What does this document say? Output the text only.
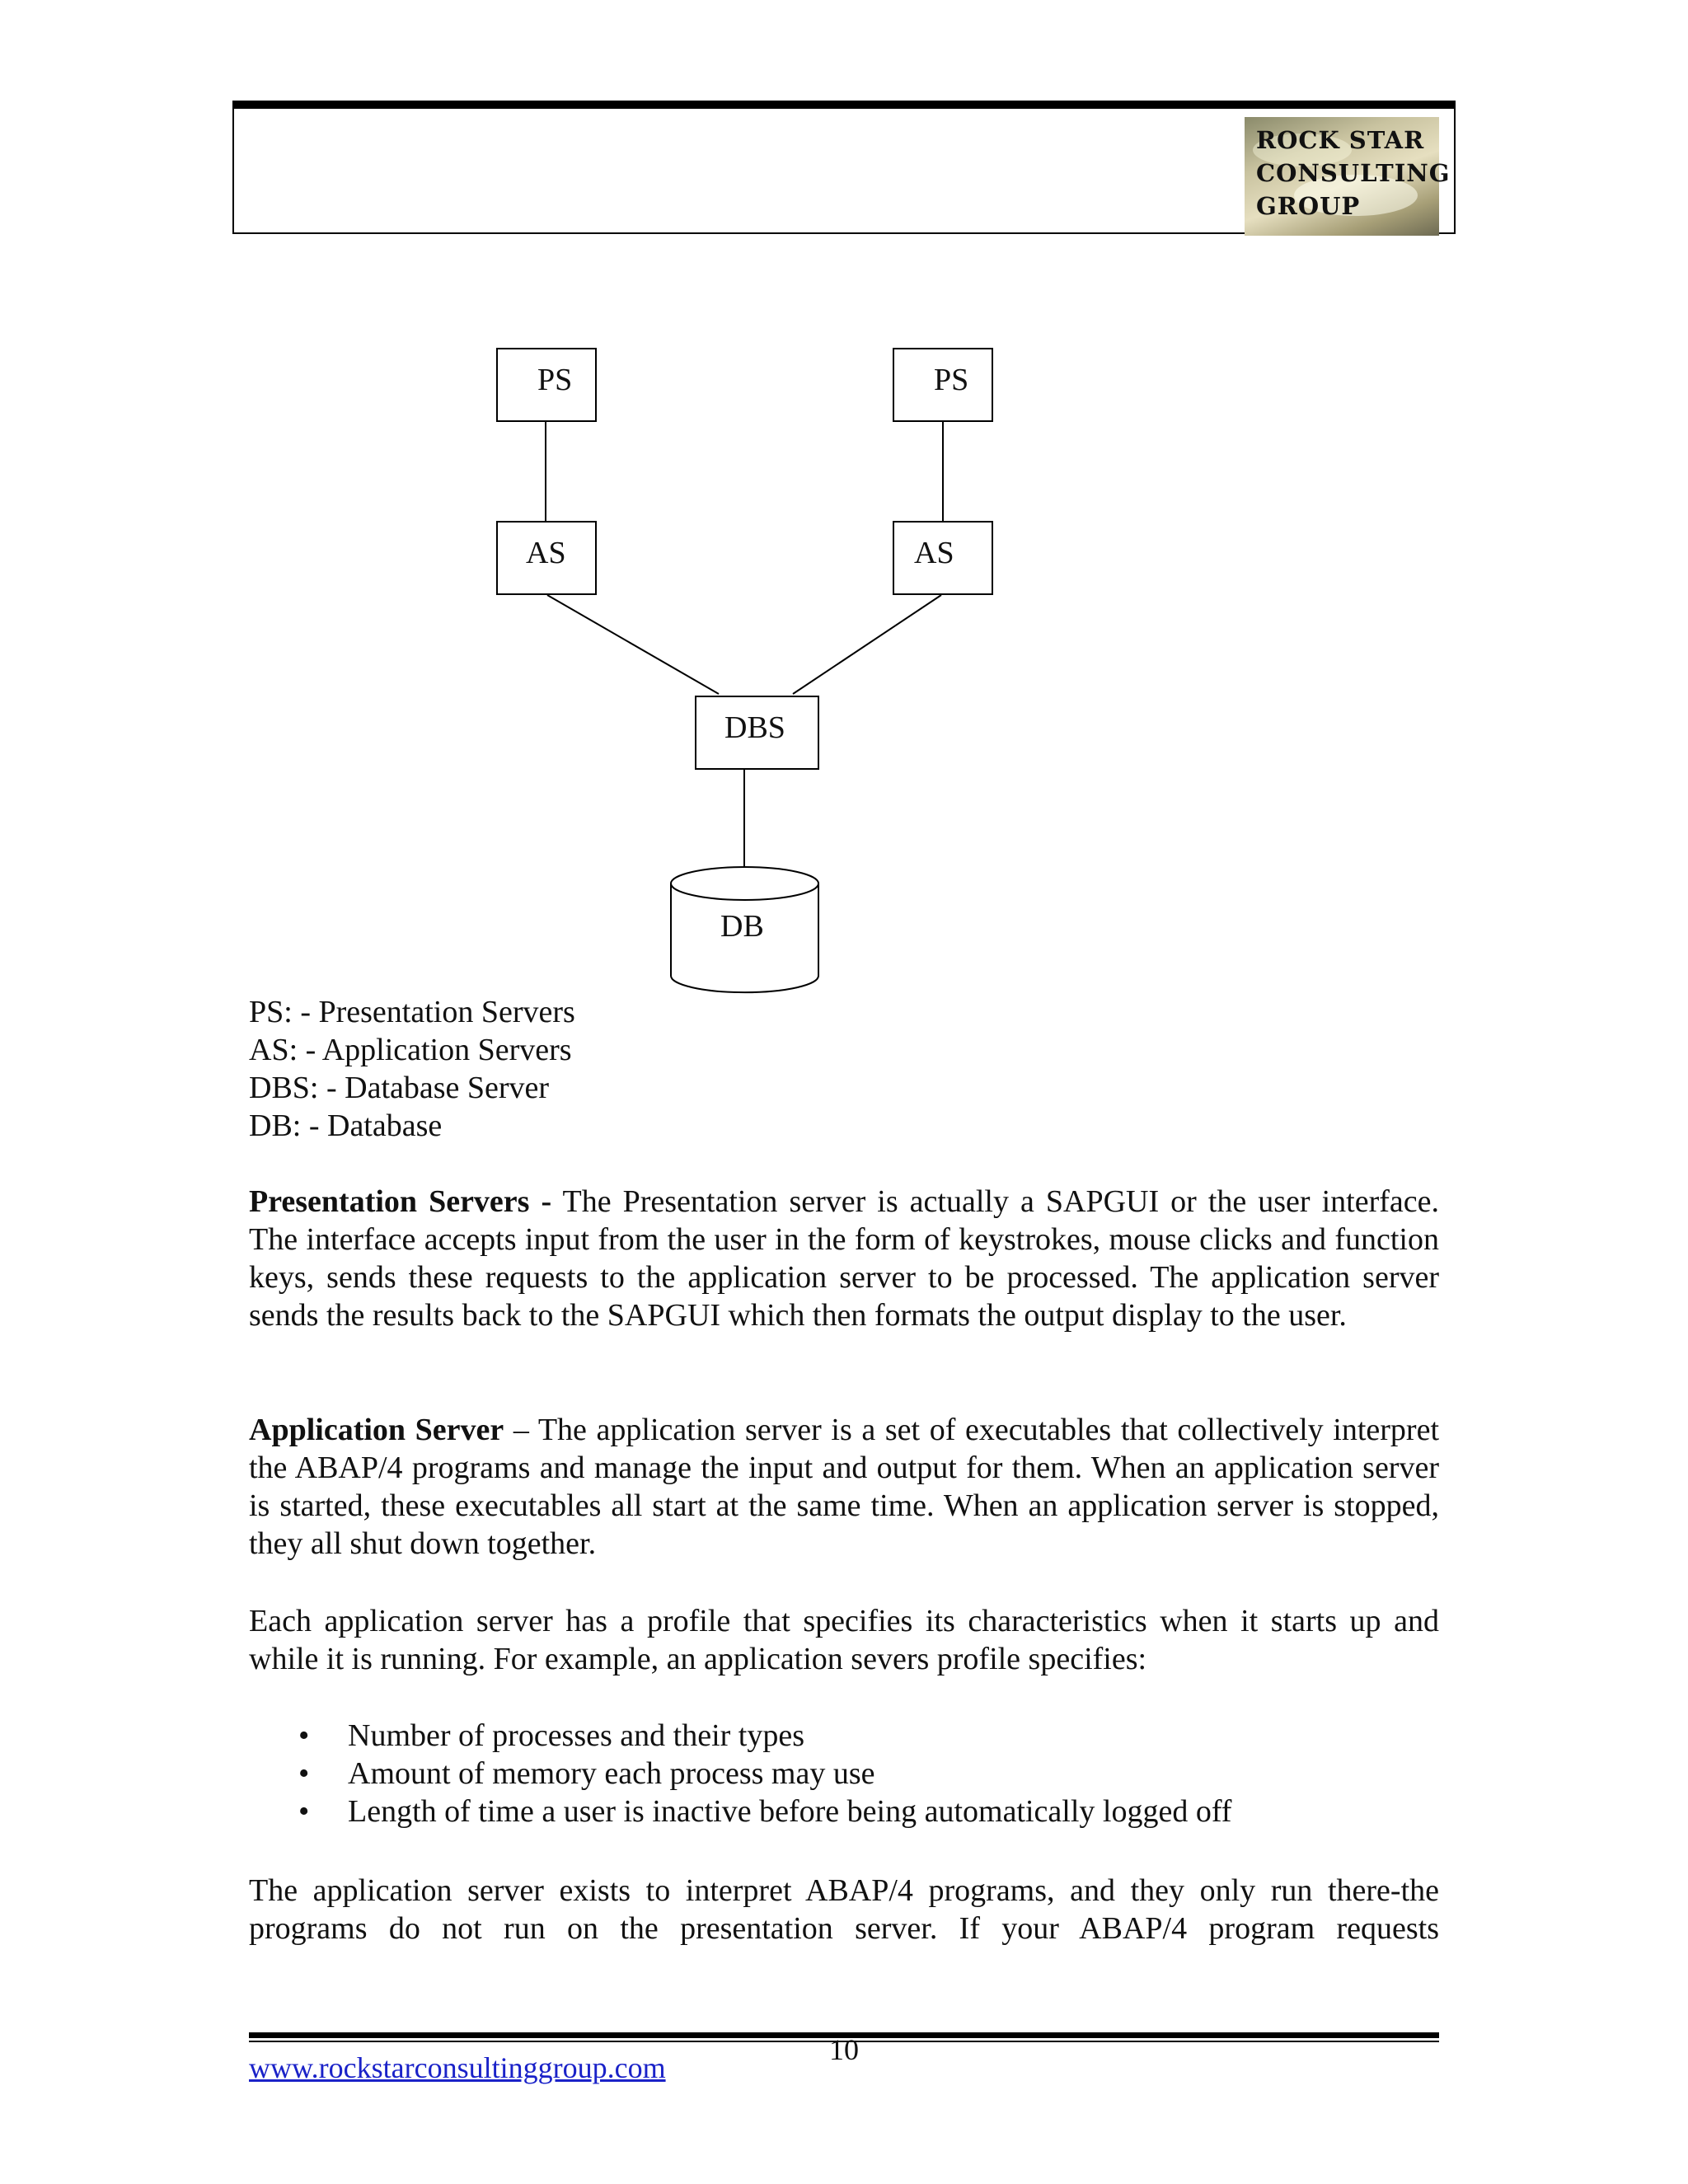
ROCK STAR
CONSULTING
GROUP
PS	PS
AS	AS
DBS
DB
PS: - Presentation Servers
AS: - Application Servers
DBS: - Database Server
DB: - Database

Presentation Servers - The Presentation server is actually a SAPGUI or the user interface. The interface accepts input from the user in the form of keystrokes, mouse clicks and function keys, sends these requests to the application server to be processed. The application server sends the results back to the SAPGUI which then formats the output display to the user.

Application Server – The application server is a set of executables that collectively interpret the ABAP/4 programs and manage the input and output for them. When an application server is started, these executables all start at the same time. When an application server is stopped, they all shut down together.

Each application server has a profile that specifies its characteristics when it starts up and while it is running. For example, an application severs profile specifies:

• Number of processes and their types
• Amount of memory each process may use
• Length of time a user is inactive before being automatically logged off

The application server exists to interpret ABAP/4 programs, and they only run there-the programs do not run on the presentation server. If your ABAP/4 program requests

www.rockstarconsultinggroup.com
10
